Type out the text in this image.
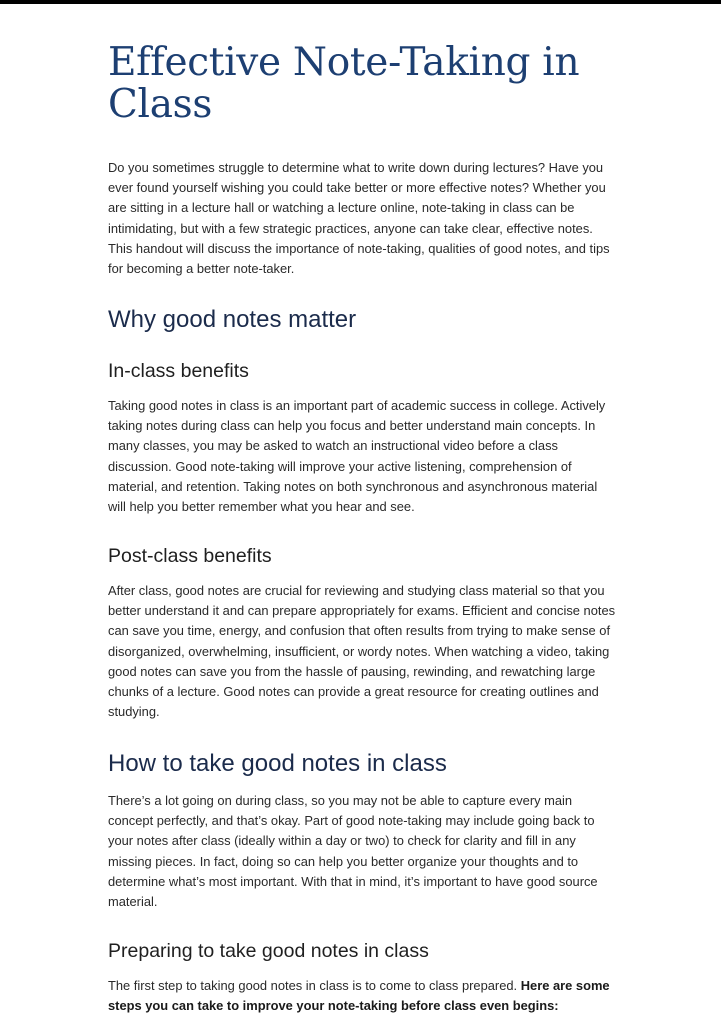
Effective Note-Taking in Class

Do you sometimes struggle to determine what to write down during lectures? Have you ever found yourself wishing you could take better or more effective notes? Whether you are sitting in a lecture hall or watching a lecture online, note-taking in class can be intimidating, but with a few strategic practices, anyone can take clear, effective notes. This handout will discuss the importance of note-taking, qualities of good notes, and tips for becoming a better note-taker.

Why good notes matter
In-class benefits

Taking good notes in class is an important part of academic success in college. Actively taking notes during class can help you focus and better understand main concepts. In many classes, you may be asked to watch an instructional video before a class discussion. Good note-taking will improve your active listening, comprehension of material, and retention. Taking notes on both synchronous and asynchronous material will help you better remember what you hear and see.

Post-class benefits

After class, good notes are crucial for reviewing and studying class material so that you better understand it and can prepare appropriately for exams. Efficient and concise notes can save you time, energy, and confusion that often results from trying to make sense of disorganized, overwhelming, insufficient, or wordy notes. When watching a video, taking good notes can save you from the hassle of pausing, rewinding, and rewatching large chunks of a lecture. Good notes can provide a great resource for creating outlines and studying.

How to take good notes in class

There’s a lot going on during class, so you may not be able to capture every main concept perfectly, and that’s okay. Part of good note-taking may include going back to your notes after class (ideally within a day or two) to check for clarity and fill in any missing pieces. In fact, doing so can help you better organize your thoughts and to determine what’s most important. With that in mind, it’s important to have good source material.

Preparing to take good notes in class

The first step to taking good notes in class is to come to class prepared. Here are some steps you can take to improve your note-taking before class even begins:
